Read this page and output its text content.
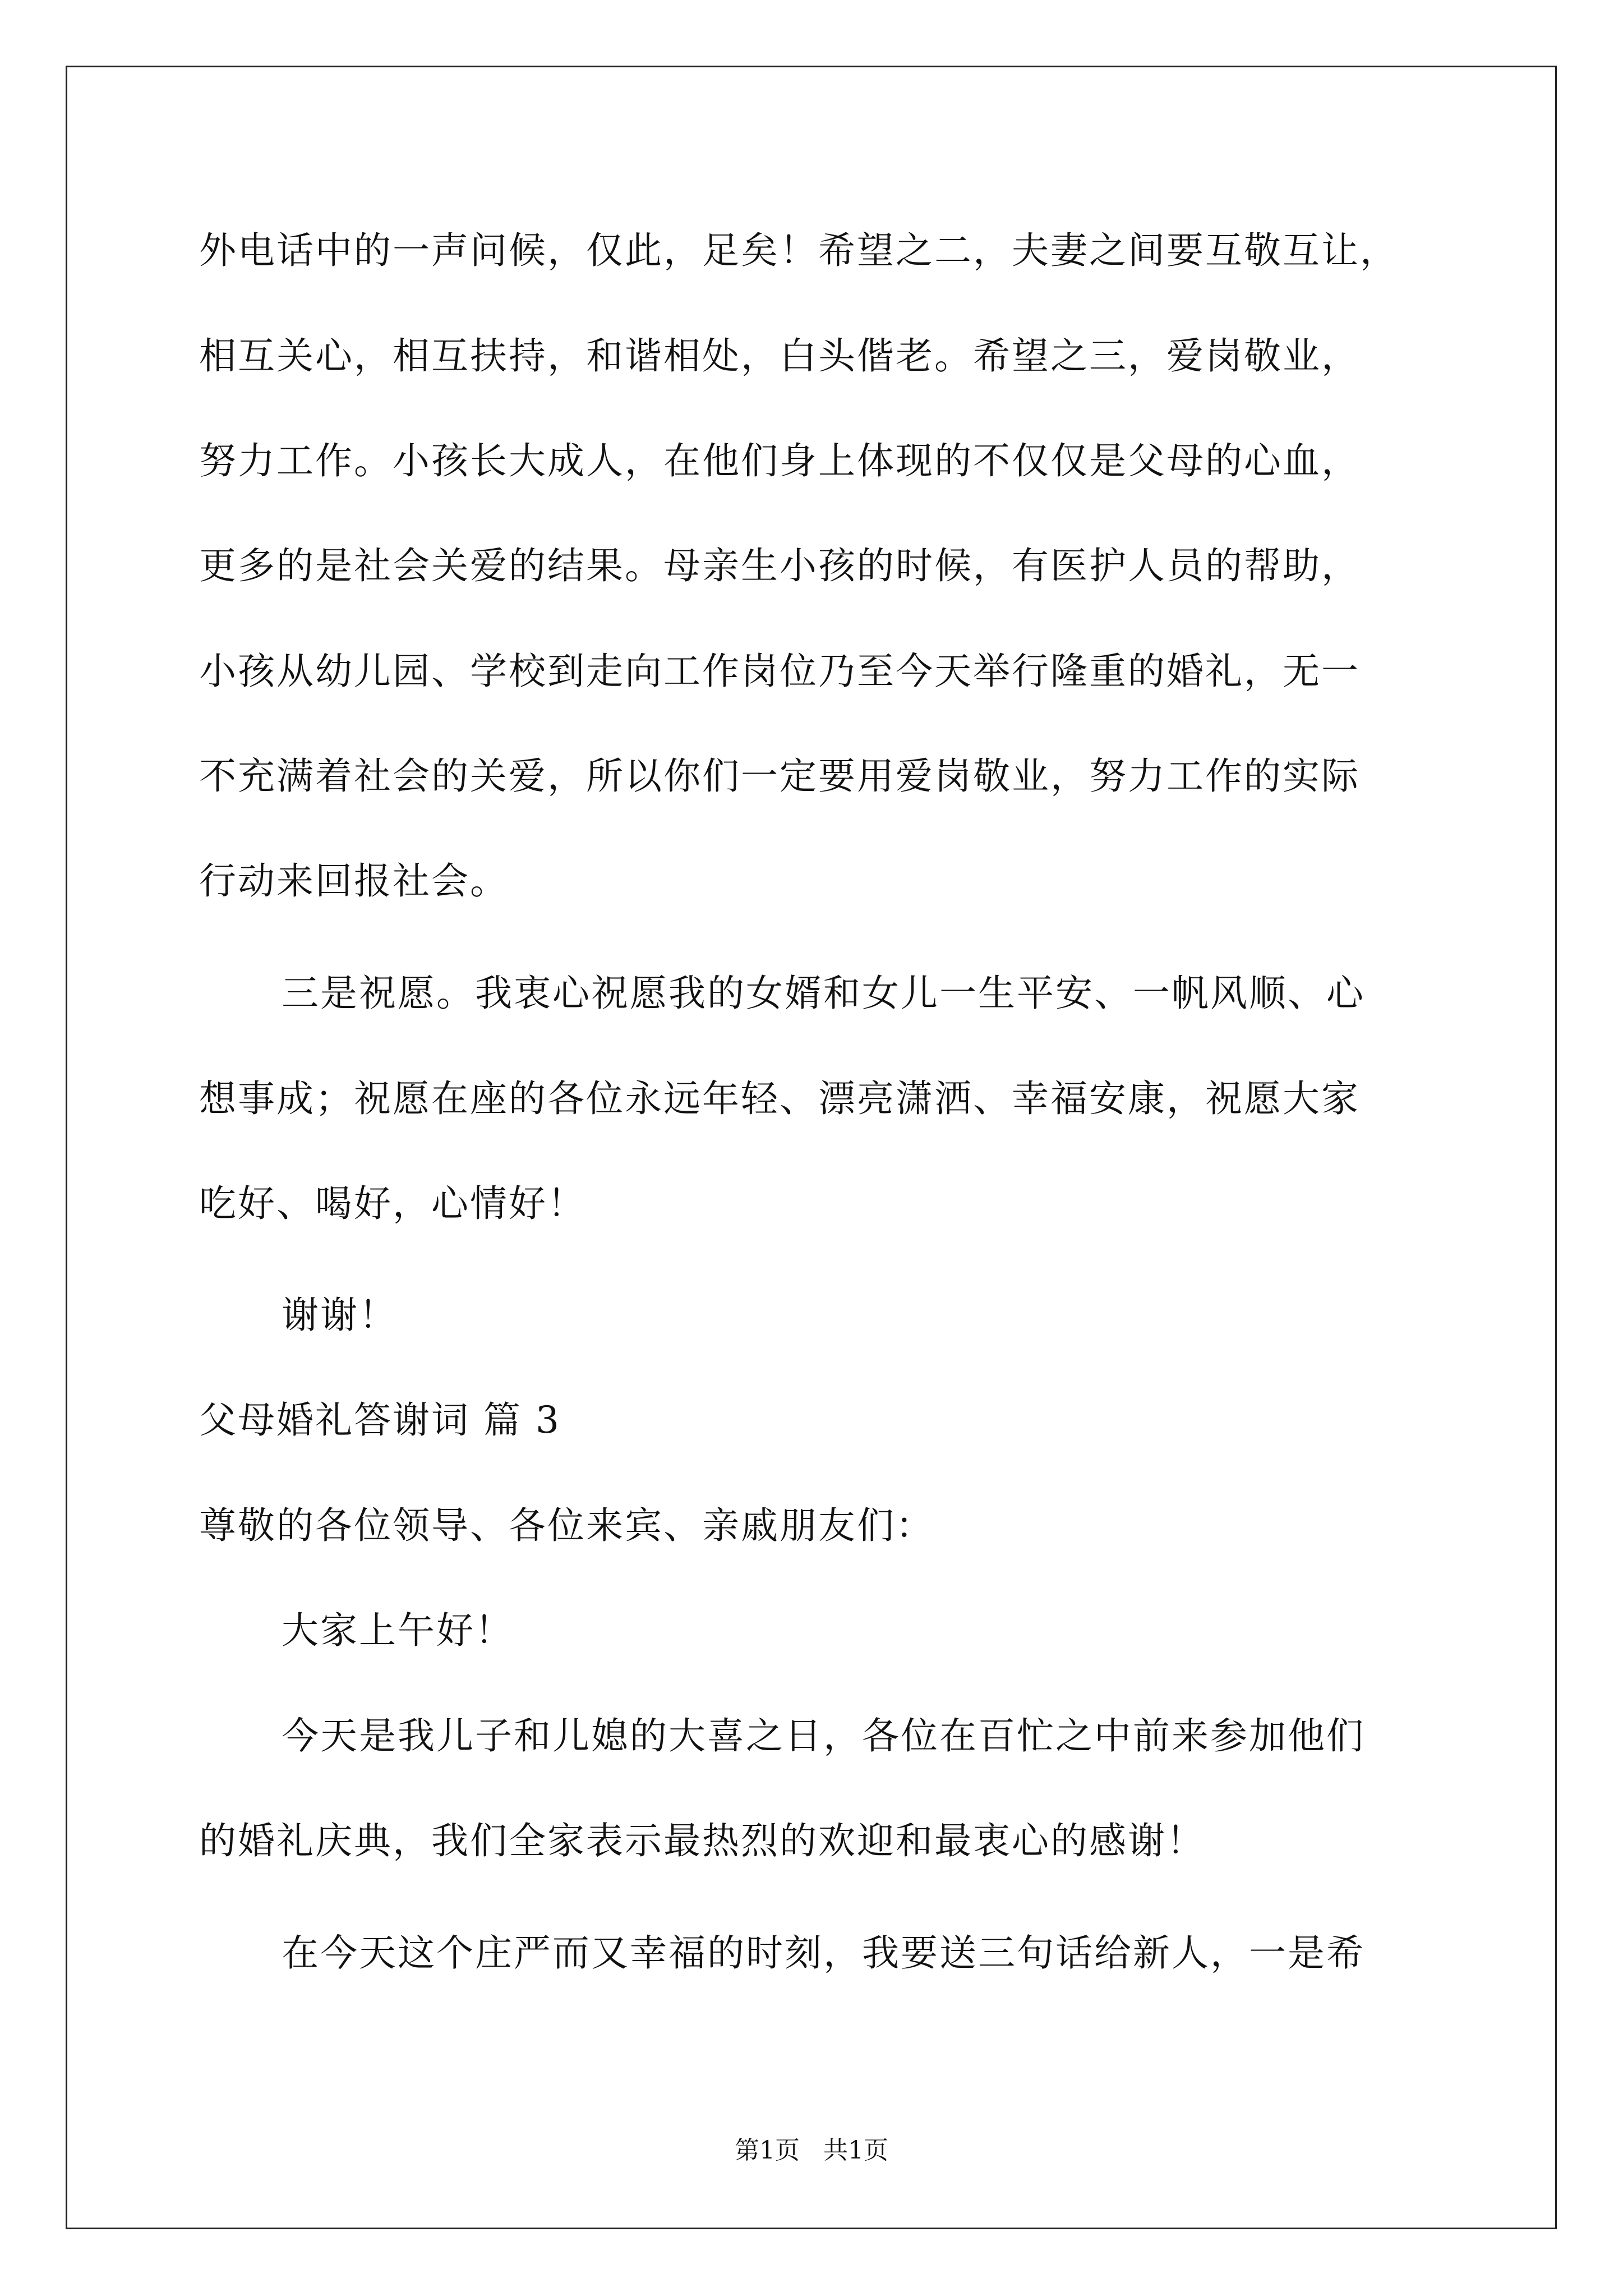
外电话中的一声问候，仅此，足矣！希望之二，夫妻之间要互敬互让，
相互关心，相互扶持，和谐相处，白头偕老。希望之三，爱岗敬业，
努力工作。小孩长大成人，在他们身上体现的不仅仅是父母的心血，
更多的是社会关爱的结果。母亲生小孩的时候，有医护人员的帮助，
小孩从幼儿园、学校到走向工作岗位乃至今天举行隆重的婚礼，无一
不充满着社会的关爱，所以你们一定要用爱岗敬业，努力工作的实际
行动来回报社会。
三是祝愿。我衷心祝愿我的女婿和女儿一生平安、一帆风顺、心
想事成；祝愿在座的各位永远年轻、漂亮潇洒、幸福安康，祝愿大家
吃好、喝好，心情好！
谢谢！
父母婚礼答谢词 篇 3
尊敬的各位领导、各位来宾、亲戚朋友们：
大家上午好！
今天是我儿子和儿媳的大喜之日，各位在百忙之中前来参加他们
的婚礼庆典，我们全家表示最热烈的欢迎和最衷心的感谢！
在今天这个庄严而又幸福的时刻，我要送三句话给新人，一是希
第1页   共1页
